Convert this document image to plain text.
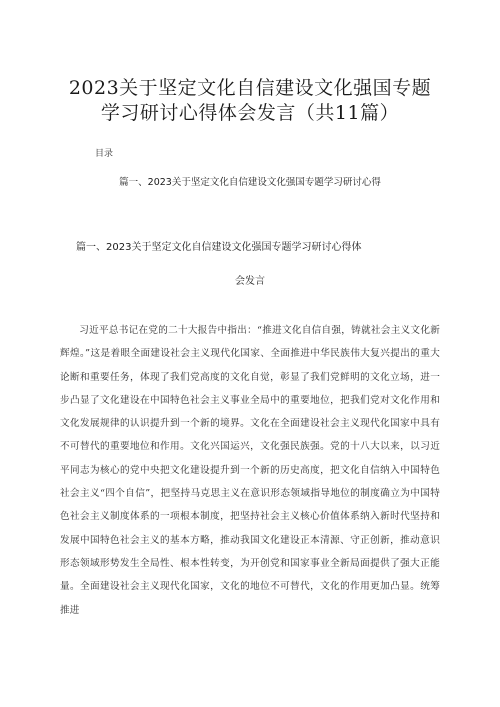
2023关于坚定文化自信建设文化强国专题
学习研讨心得体会发言（共11篇）
目录
篇一、2023关于坚定文化自信建设文化强国专题学习研讨心得
篇一、2023关于坚定文化自信建设文化强国专题学习研讨心得体
会发言

习近平总书记在党的二十大报告中指出：“推进文化自信自强，铸就社会主义文化新辉煌。”这是着眼全面建设社会主义现代化国家、全面推进中华民族伟大复兴提出的重大论断和重要任务，体现了我们党高度的文化自觉，彰显了我们党鲜明的文化立场，进一步凸显了文化建设在中国特色社会主义事业全局中的重要地位，把我们党对文化作用和文化发展规律的认识提升到一个新的境界。文化在全面建设社会主义现代化国家中具有不可替代的重要地位和作用。文化兴国运兴，文化强民族强。党的十八大以来，以习近平同志为核心的党中央把文化建设提升到一个新的历史高度，把文化自信纳入中国特色社会主义“四个自信”，把坚持马克思主义在意识形态领域指导地位的制度确立为中国特色社会主义制度体系的一项根本制度，把坚持社会主义核心价值体系纳入新时代坚持和发展中国特色社会主义的基本方略，推动我国文化建设正本清源、守正创新，推动意识形态领域形势发生全局性、根本性转变，为开创党和国家事业全新局面提供了强大正能量。全面建设社会主义现代化国家，文化的地位不可替代，文化的作用更加凸显。统筹推进
